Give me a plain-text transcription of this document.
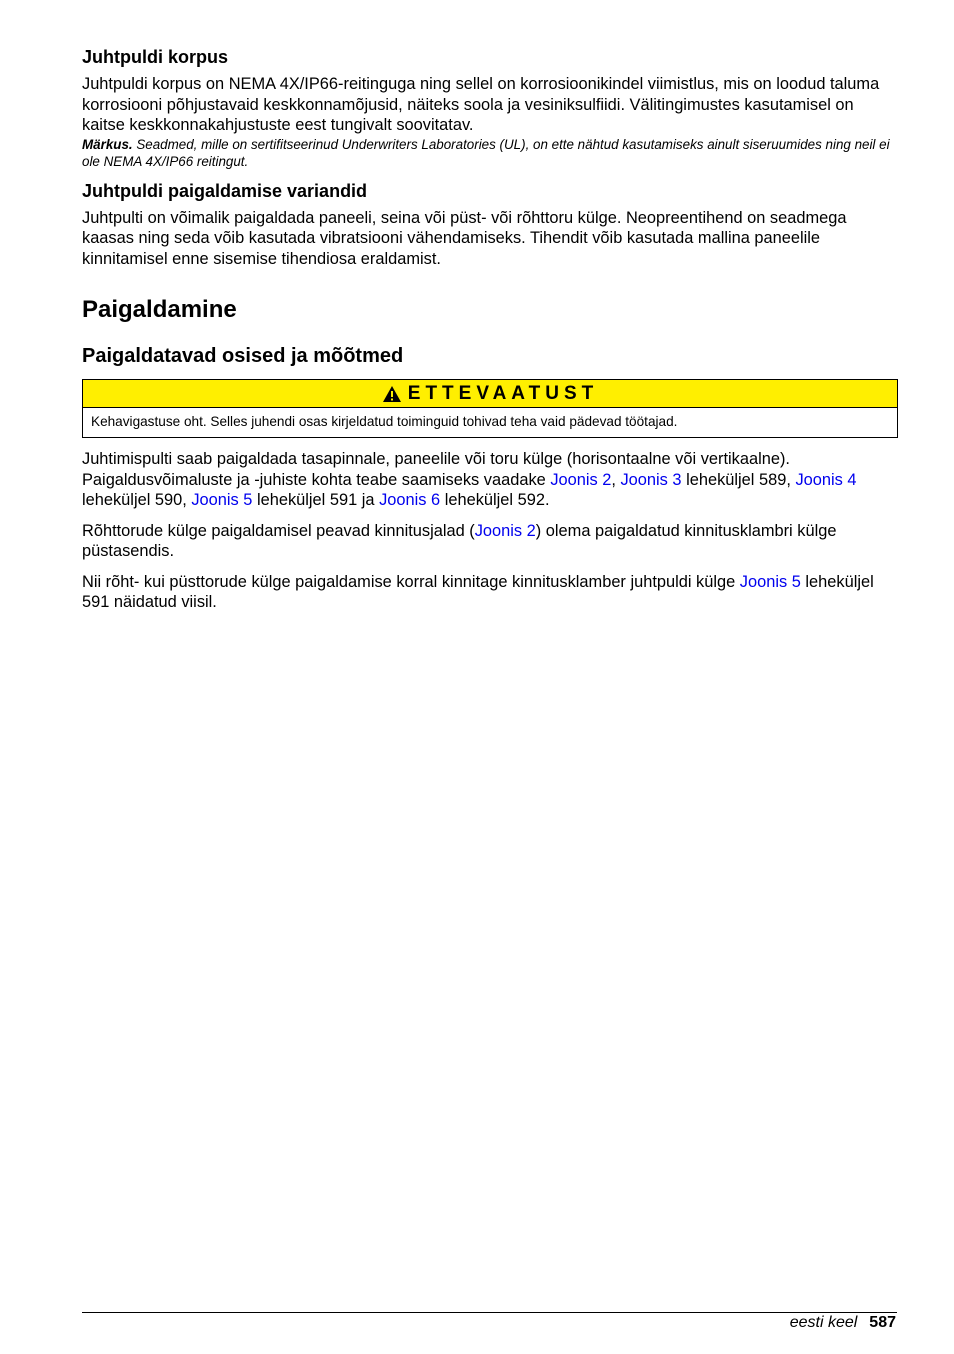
Juhtpuldi korpus

Juhtpuldi korpus on NEMA 4X/IP66-reitinguga ning sellel on korrosioonikindel viimistlus, mis on loodud taluma korrosiooni põhjustavaid keskkonnamõjusid, näiteks soola ja vesiniksulfiidi. Välitingimustes kasutamisel on kaitse keskkonnakahjustuste eest tungivalt soovitatav.

Märkus. Seadmed, mille on sertifitseerinud Underwriters Laboratories (UL), on ette nähtud kasutamiseks ainult siseruumides ning neil ei ole NEMA 4X/IP66 reitingut.

Juhtpuldi paigaldamise variandid

Juhtpulti on võimalik paigaldada paneeli, seina või püst- või rõhttoru külge. Neopreentihend on seadmega kaasas ning seda võib kasutada vibratsiooni vähendamiseks. Tihendit võib kasutada mallina paneelile kinnitamisel enne sisemise tihendiosa eraldamist.

Paigaldamine
Paigaldatavad osised ja mõõtmed
ETTEVAATUST
Kehavigastuse oht. Selles juhendi osas kirjeldatud toiminguid tohivad teha vaid pädevad töötajad.

Juhtimispulti saab paigaldada tasapinnale, paneelile või toru külge (horisontaalne või vertikaalne). Paigaldusvõimaluste ja -juhiste kohta teabe saamiseks vaadake Joonis 2, Joonis 3 leheküljel 589, Joonis 4 leheküljel 590, Joonis 5 leheküljel 591 ja Joonis 6 leheküljel 592.

Rõhttorude külge paigaldamisel peavad kinnitusjalad (Joonis 2) olema paigaldatud kinnitusklambri külge püstasendis.

Nii rõht- kui püsttorude külge paigaldamise korral kinnitage kinnitusklamber juhtpuldi külge Joonis 5 leheküljel 591 näidatud viisil.

eesti keel 587
